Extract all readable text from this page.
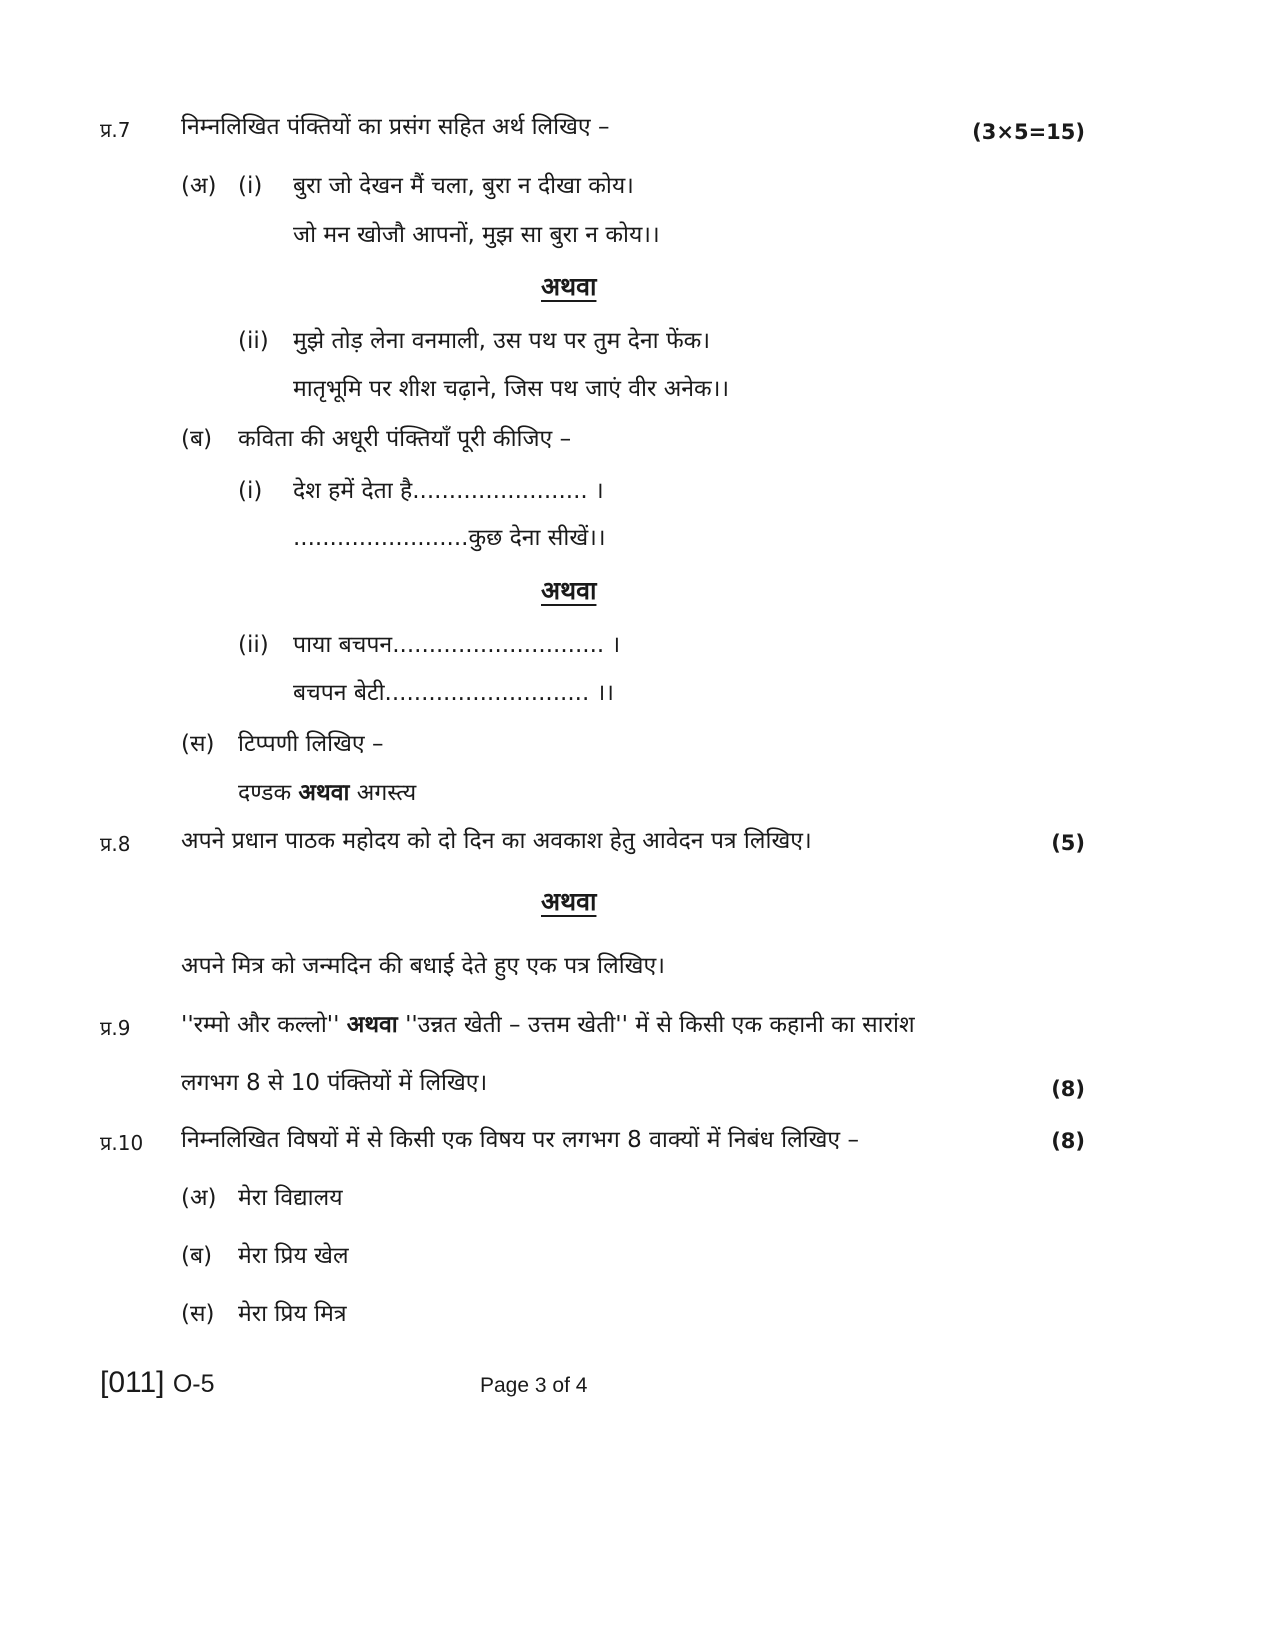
प्र.7 निम्नलिखित पंक्तियों का प्रसंग सहित अर्थ लिखिए –	(3×5=15)
(अ) (i) बुरा जो देखन मैं चला, बुरा न दीखा कोय।
जो मन खोजौ आपनों, मुझ सा बुरा न कोय।।
अथवा
(ii) मुझे तोड़ लेना वनमाली, उस पथ पर तुम देना फेंक।
मातृभूमि पर शीश चढ़ाने, जिस पथ जाएं वीर अनेक।।
(ब) कविता की अधूरी पंक्तियाँ पूरी कीजिए –
(i) देश हमें देता है........................ ।
........................कुछ देना सीखें।।
अथवा
(ii) पाया बचपन............................. ।
बचपन बेटी............................ ।।
(स) टिप्पणी लिखिए –
दण्डक अथवा अगस्त्य
प्र.8 अपने प्रधान पाठक महोदय को दो दिन का अवकाश हेतु आवेदन पत्र लिखिए।	(5)
अथवा
अपने मित्र को जन्मदिन की बधाई देते हुए एक पत्र लिखिए।
प्र.9 ''रम्मो और कल्लो'' अथवा ''उन्नत खेती – उत्तम खेती'' में से किसी एक कहानी का सारांश
लगभग 8 से 10 पंक्तियों में लिखिए।	(8)
प्र.10 निम्नलिखित विषयों में से किसी एक विषय पर लगभग 8 वाक्यों में निबंध लिखिए –	(8)
(अ) मेरा विद्यालय
(ब) मेरा प्रिय खेल
(स) मेरा प्रिय मित्र
[011] O-5	Page 3 of 4
